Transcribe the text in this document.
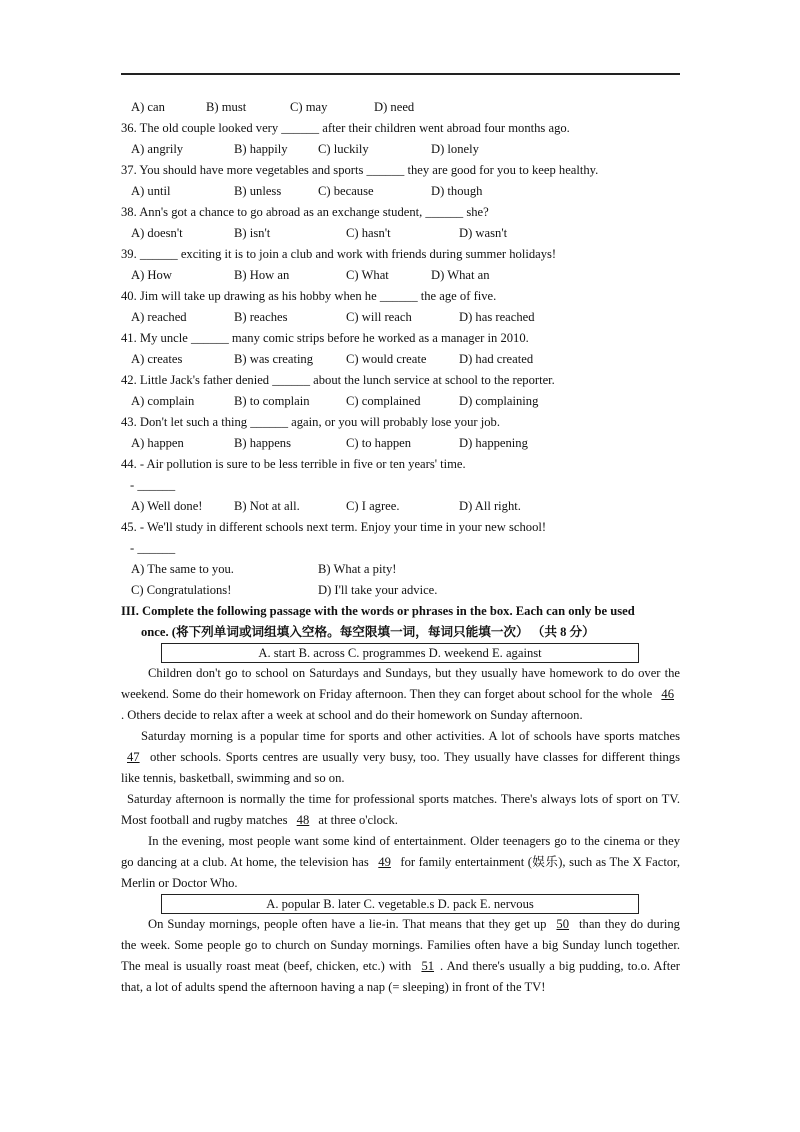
A) can	B) must	C) may	D) need
36. The old couple looked very ______ after their children went abroad four months ago.
A) angrily	B) happily C) luckily	D) lonely
37. You should have more vegetables and sports ______ they are good for you to keep healthy.
A) until	B) unless	C) because	D) though
38. Ann's got a chance to go abroad as an exchange student, ______ she?
A) doesn't	B) isn't	C) hasn't	D) wasn't
39. ______ exciting it is to join a club and work with friends during summer holidays!
A) How	B) How an	C) What	D) What an
40. Jim will take up drawing as his hobby when he ______ the age of five.
A) reached	B) reaches	C) will reach	D) has reached
41. My uncle ______ many comic strips before he worked as a manager in 2010.
A) creates	B) was creating	C) would create	D) had created
42. Little Jack's father denied ______ about the lunch service at school to the reporter.
A) complain	B) to complain	C) complained	D) complaining
43. Don't let such a thing ______ again, or you will probably lose your job.
A) happen	B) happens	C) to happen	D) happening
44. - Air pollution is sure to be less terrible in five or ten years' time.
- ______
A) Well done!	B) Not at all.	C) I agree.	D) All right.
45. - We'll study in different schools next term. Enjoy your time in your new school!
- ______
A) The same to you.	B) What a pity!
C) Congratulations!	D) I'll take your advice.
III. Complete the following passage with the words or phrases in the box. Each can only be used
once. (将下列单词或词组填入空格。每空限填一词，每词只能填一次） （共 8 分）
A. start B. across C. programmes D. weekend E. against
Children don't go to school on Saturdays and Sundays, but they usually have homework to do over the weekend. Some do their homework on Friday afternoon. Then they can forget about school for the whole 46 . Others decide to relax after a week at school and do their homework on Sunday afternoon.
Saturday morning is a popular time for sports and other activities. A lot of schools have sports matches 47 other schools. Sports centres are usually very busy, too. They usually have classes for different things like tennis, basketball, swimming and so on.
Saturday afternoon is normally the time for professional sports matches. There's always lots of sport on TV. Most football and rugby matches 48 at three o'clock.
In the evening, most people want some kind of entertainment. Older teenagers go to the cinema or they go dancing at a club. At home, the television has 49 for family entertainment (娱乐), such as The X Factor, Merlin or Doctor Who.
A. popular B. later C. vegetable.s D. pack E. nervous
On Sunday mornings, people often have a lie-in. That means that they get up 50 than they do during the week. Some people go to church on Sunday mornings. Families often have a big Sunday lunch together. The meal is usually roast meat (beef, chicken, etc.) with 51 . And there's usually a big pudding, to.o. After that, a lot of adults spend the afternoon having a nap (= sleeping) in front of the TV!
